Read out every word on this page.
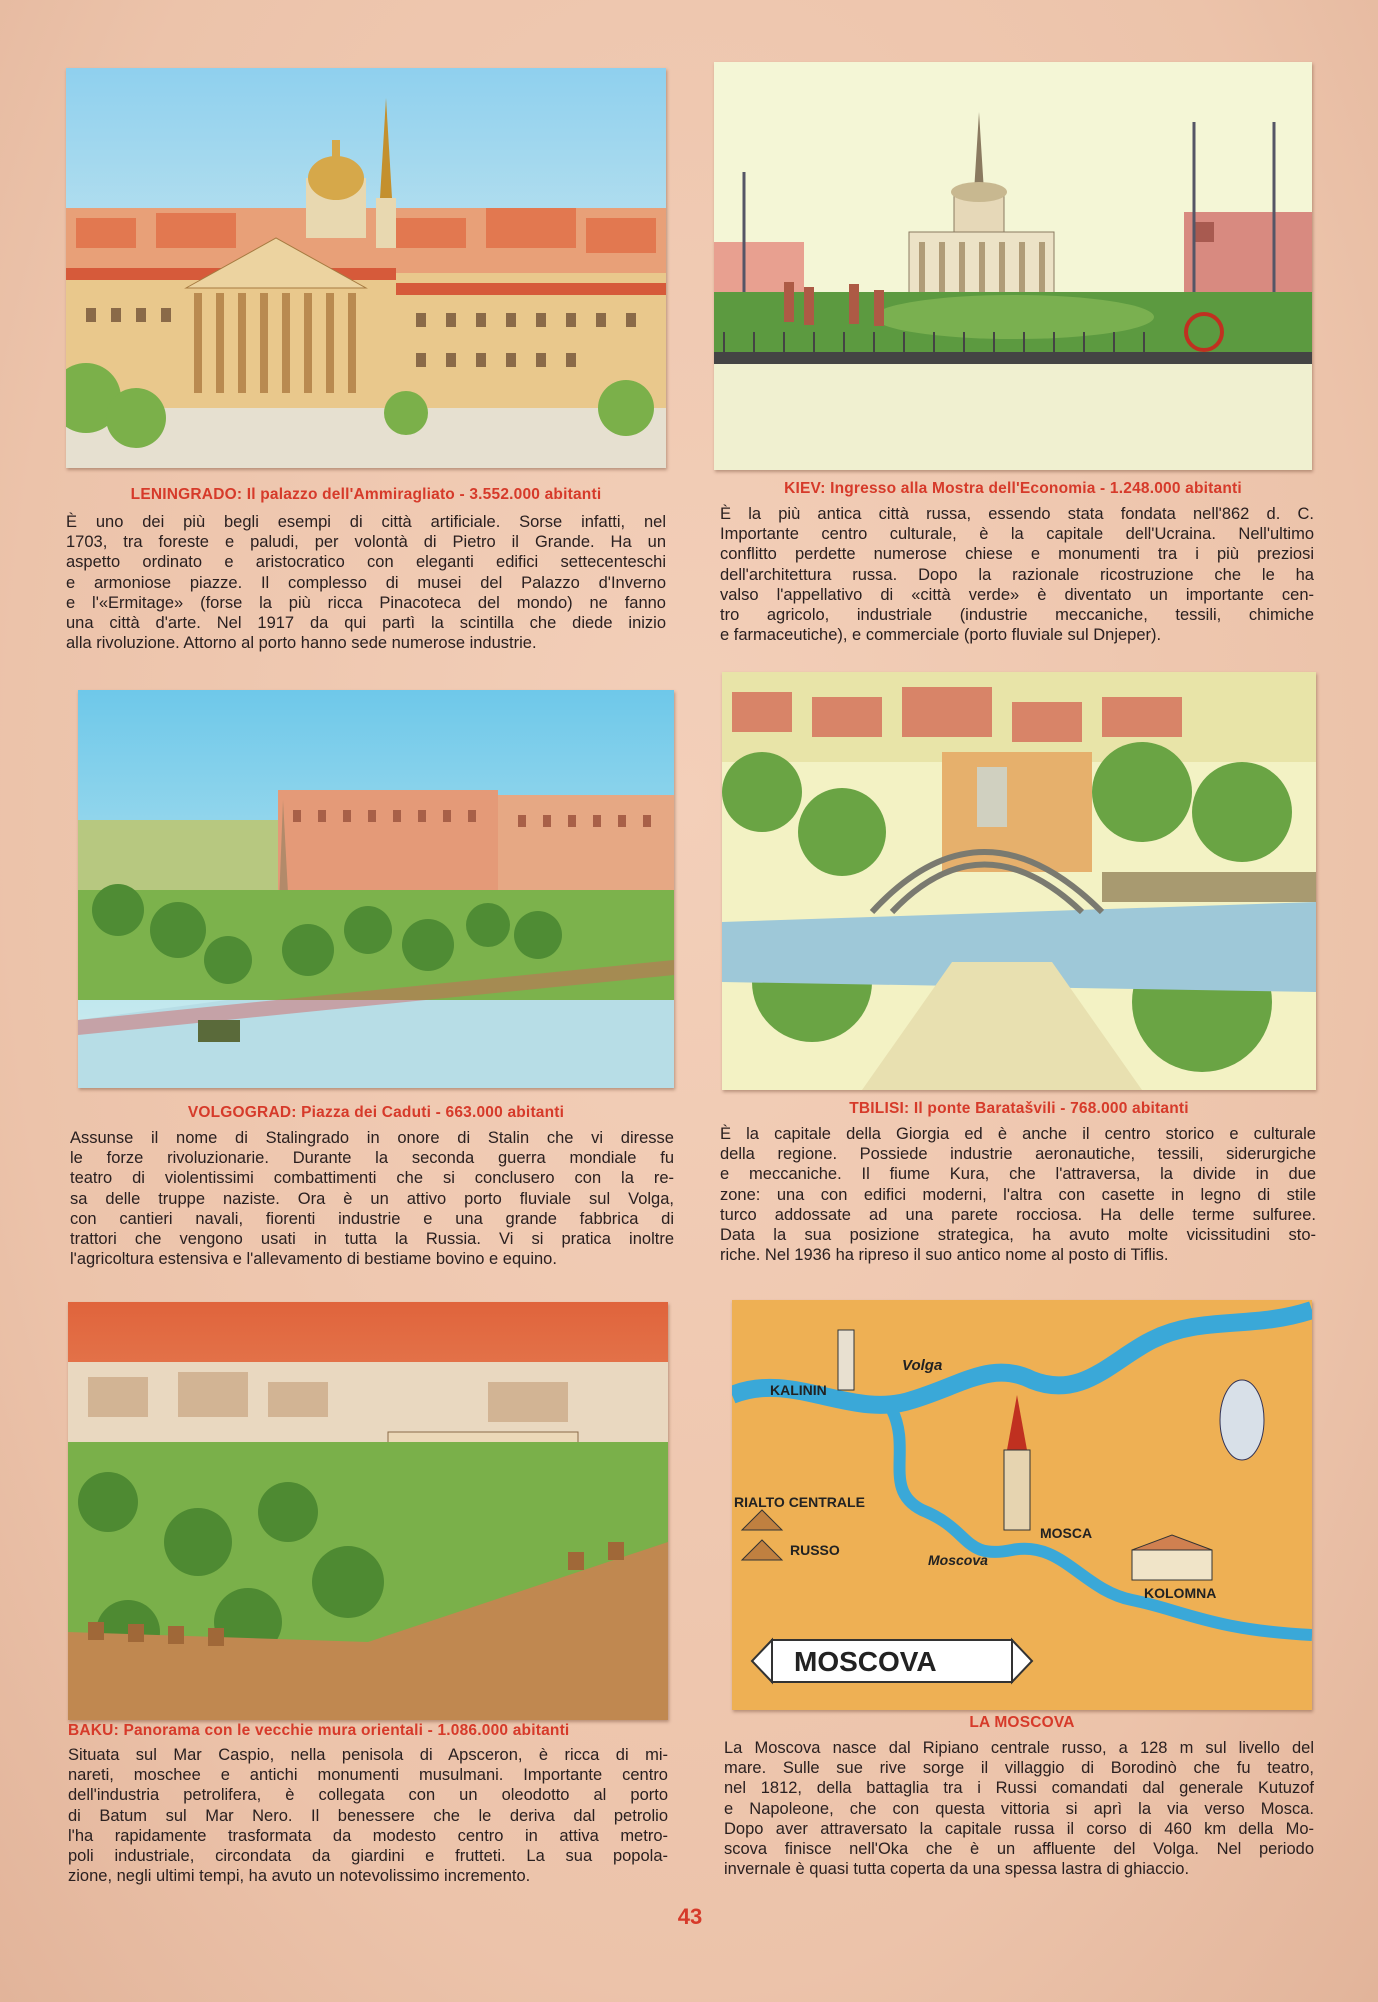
LENINGRADO: Il palazzo dell'Ammiragliato - 3.552.000 abitanti
È uno dei più begli esempi di città artificiale. Sorse infatti, nel
1703, tra foreste e paludi, per volontà di Pietro il Grande. Ha un
aspetto ordinato e aristocratico con eleganti edifici settecenteschi
e armoniose piazze. Il complesso di musei del Palazzo d'Inverno
e l'«Ermitage» (forse la più ricca Pinacoteca del mondo) ne fanno
una città d'arte. Nel 1917 da qui partì la scintilla che diede inizio
alla rivoluzione. Attorno al porto hanno sede numerose industrie.
KIEV: Ingresso alla Mostra dell'Economia - 1.248.000 abitanti
È la più antica città russa, essendo stata fondata nell'862 d. C.
Importante centro culturale, è la capitale dell'Ucraina. Nell'ultimo
conflitto perdette numerose chiese e monumenti tra i più preziosi
dell'architettura russa. Dopo la razionale ricostruzione che le ha
valso l'appellativo di «città verde» è diventato un importante cen-
tro agricolo, industriale (industrie meccaniche, tessili, chimiche
e farmaceutiche), e commerciale (porto fluviale sul Dnjeper).
VOLGOGRAD: Piazza dei Caduti - 663.000 abitanti
Assunse il nome di Stalingrado in onore di Stalin che vi diresse
le forze rivoluzionarie. Durante la seconda guerra mondiale fu
teatro di violentissimi combattimenti che si conclusero con la re-
sa delle truppe naziste. Ora è un attivo porto fluviale sul Volga,
con cantieri navali, fiorenti industrie e una grande fabbrica di
trattori che vengono usati in tutta la Russia. Vi si pratica inoltre
l'agricoltura estensiva e l'allevamento di bestiame bovino e equino.
TBILISI: Il ponte Baratašvili - 768.000 abitanti
È la capitale della Giorgia ed è anche il centro storico e culturale
della regione. Possiede industrie aeronautiche, tessili, siderurgiche
e meccaniche. Il fiume Kura, che l'attraversa, la divide in due
zone: una con edifici moderni, l'altra con casette in legno di stile
turco addossate ad una parete rocciosa. Ha delle terme sulfuree.
Data la sua posizione strategica, ha avuto molte vicissitudini sto-
riche. Nel 1936 ha ripreso il suo antico nome al posto di Tiflis.
BAKU: Panorama con le vecchie mura orientali - 1.086.000 abitanti
Situata sul Mar Caspio, nella penisola di Apsceron, è ricca di mi-
nareti, moschee e antichi monumenti musulmani. Importante centro
dell'industria petrolifera, è collegata con un oleodotto al porto
di Batum sul Mar Nero. Il benessere che le deriva dal petrolio
l'ha rapidamente trasformata da modesto centro in attiva metro-
poli industriale, circondata da giardini e frutteti. La sua popola-
zione, negli ultimi tempi, ha avuto un notevolissimo incremento.
KALININ
Volga
RIALTO CENTRALE
RUSSO
MOSCA
Moscova
KOLOMNA
MOSCOVA
LA MOSCOVA
La Moscova nasce dal Ripiano centrale russo, a 128 m sul livello del
mare. Sulle sue rive sorge il villaggio di Borodinò che fu teatro,
nel 1812, della battaglia tra i Russi comandati dal generale Kutuzof
e Napoleone, che con questa vittoria si aprì la via verso Mosca.
Dopo aver attraversato la capitale russa il corso di 460 km della Mo-
scova finisce nell'Oka che è un affluente del Volga. Nel periodo
invernale è quasi tutta coperta da una spessa lastra di ghiaccio.
43
